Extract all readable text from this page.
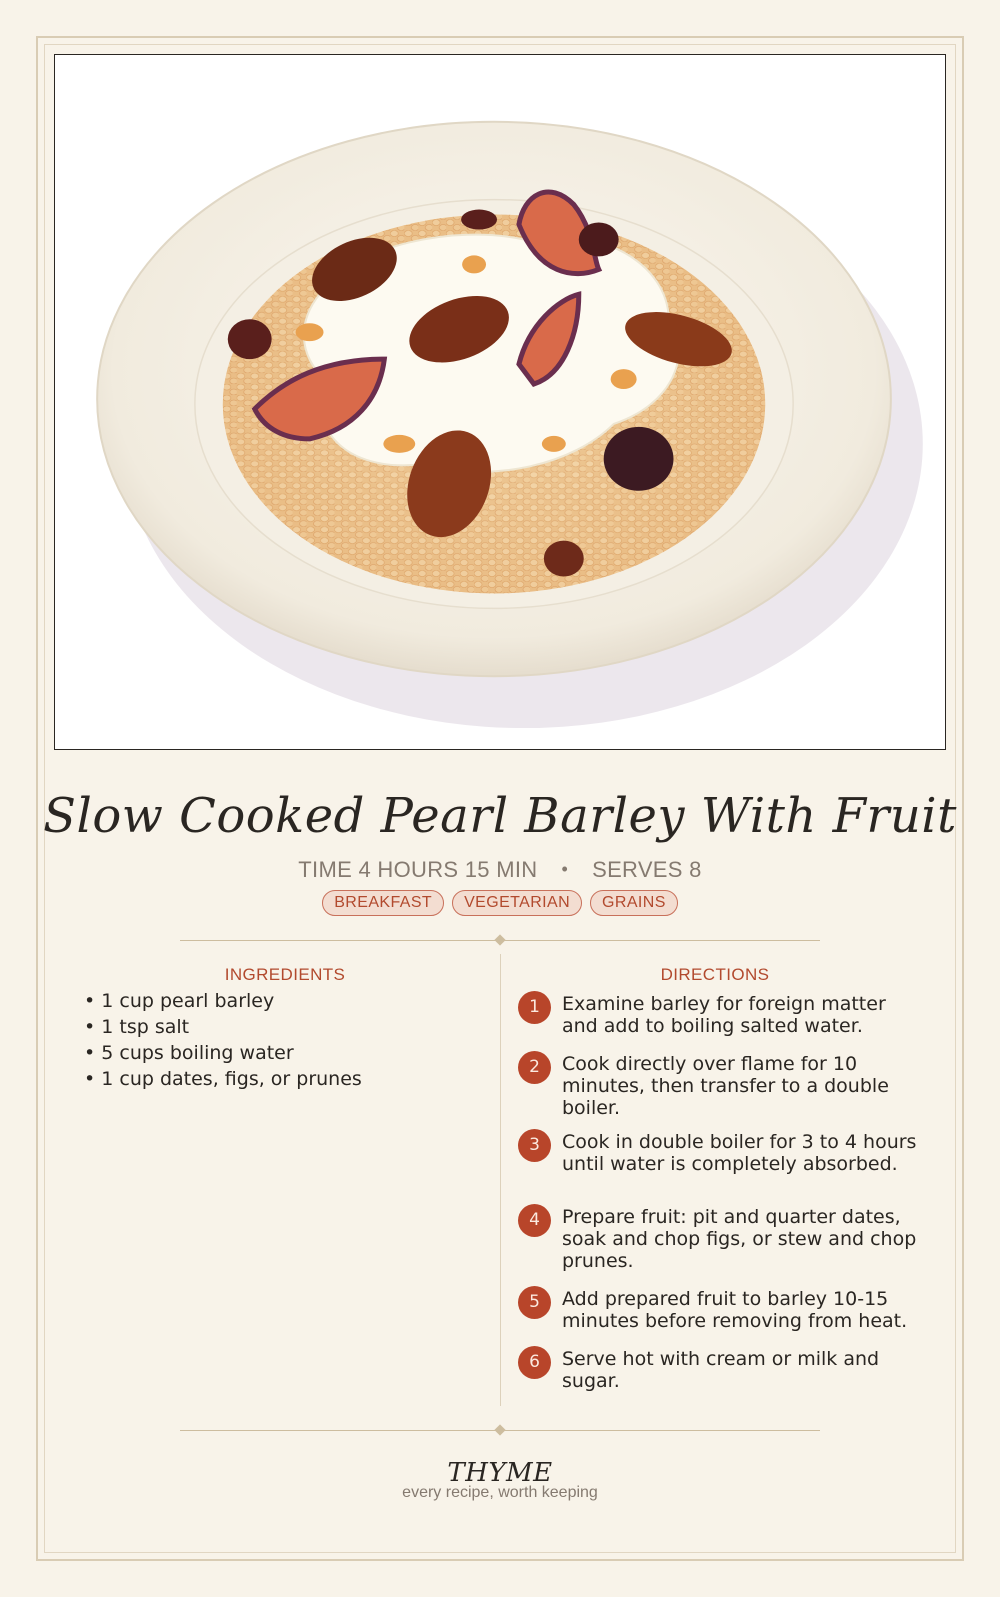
Slow Cooked Pearl Barley With Fruit
TIME 4 HOURS 15 MIN • SERVES 8
BREAKFAST VEGETARIAN GRAINS
INGREDIENTS
• 1 cup pearl barley
• 1 tsp salt
• 5 cups boiling water
• 1 cup dates, figs, or prunes
DIRECTIONS
1	Examine barley for foreign matter and add to boiling salted water.
2	Cook directly over flame for 10 minutes, then transfer to a double boiler.
3	Cook in double boiler for 3 to 4 hours until water is completely absorbed.
4	Prepare fruit: pit and quarter dates, soak and chop figs, or stew and chop prunes.
5	Add prepared fruit to barley 10-15 minutes before removing from heat.
6	Serve hot with cream or milk and sugar.
THYME
every recipe, worth keeping
